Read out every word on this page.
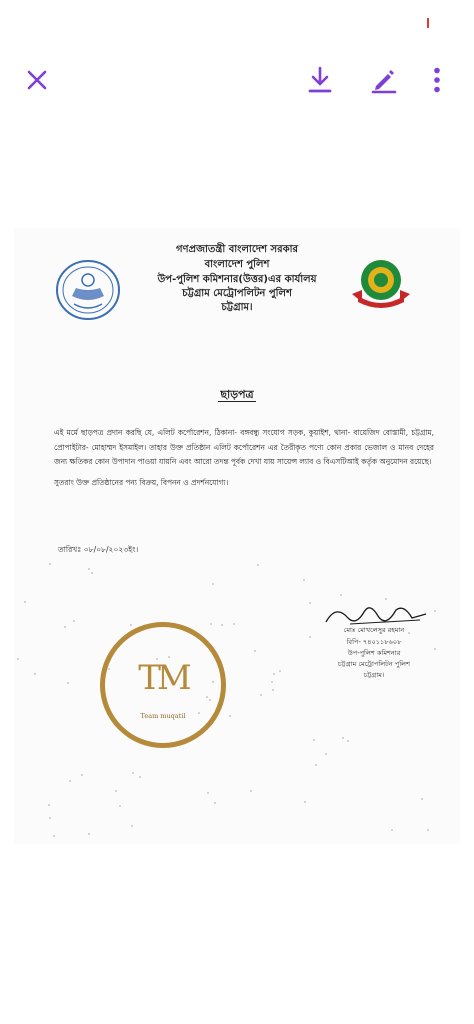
গণপ্রজাতন্ত্রী বাংলাদেশ সরকার
বাংলাদেশ পুলিশ
উপ-পুলিশ কমিশনার(উত্তর)এর কার্যালয়
চট্টগ্রাম মেট্রোপলিটন পুলিশ
চট্টগ্রাম।
ছাড়পত্র

এই মর্মে ছাড়পত্র প্রদান করছি যে, এলিট কর্পোরেশন, ঠিকানা- বঙ্গবন্ধু সংযোগ সড়ক, কুয়াইশ, থানা- বায়েজিদ বোস্তামী, চট্টগ্রাম, প্রোপাইটার- মোহাম্মদ ইসমাইল। তাহার উক্ত প্রতিষ্ঠান এলিট কর্পোরেশন এর তৈরীকৃত পণ্যে কোন প্রকার ভেজাল ও মানব দেহের জন্য ক্ষতিকর কোন উপাদান পাওয়া যায়নি এবং আরো তদন্ত পূর্বক দেখা যায় সায়েন্স ল্যাব ও বিএসটিআই কর্তৃক অনুমোদন রয়েছে।

সুতরাং উক্ত প্রতিষ্ঠানের পন্য বিক্রয়, বিপনন ও প্রদর্শনযোগ্য।

তারিখঃ ০৮/০৮/২০২৩ইং।
মোঃ মোখলেসুর রহমান
বিপি- ৭৪০১১৮৬০৮
উপ-পুলিশ কমিশনার
চট্টগ্রাম মেট্রোপলিটন পুলিশ
চট্টগ্রাম।
TM
Team muqatil
